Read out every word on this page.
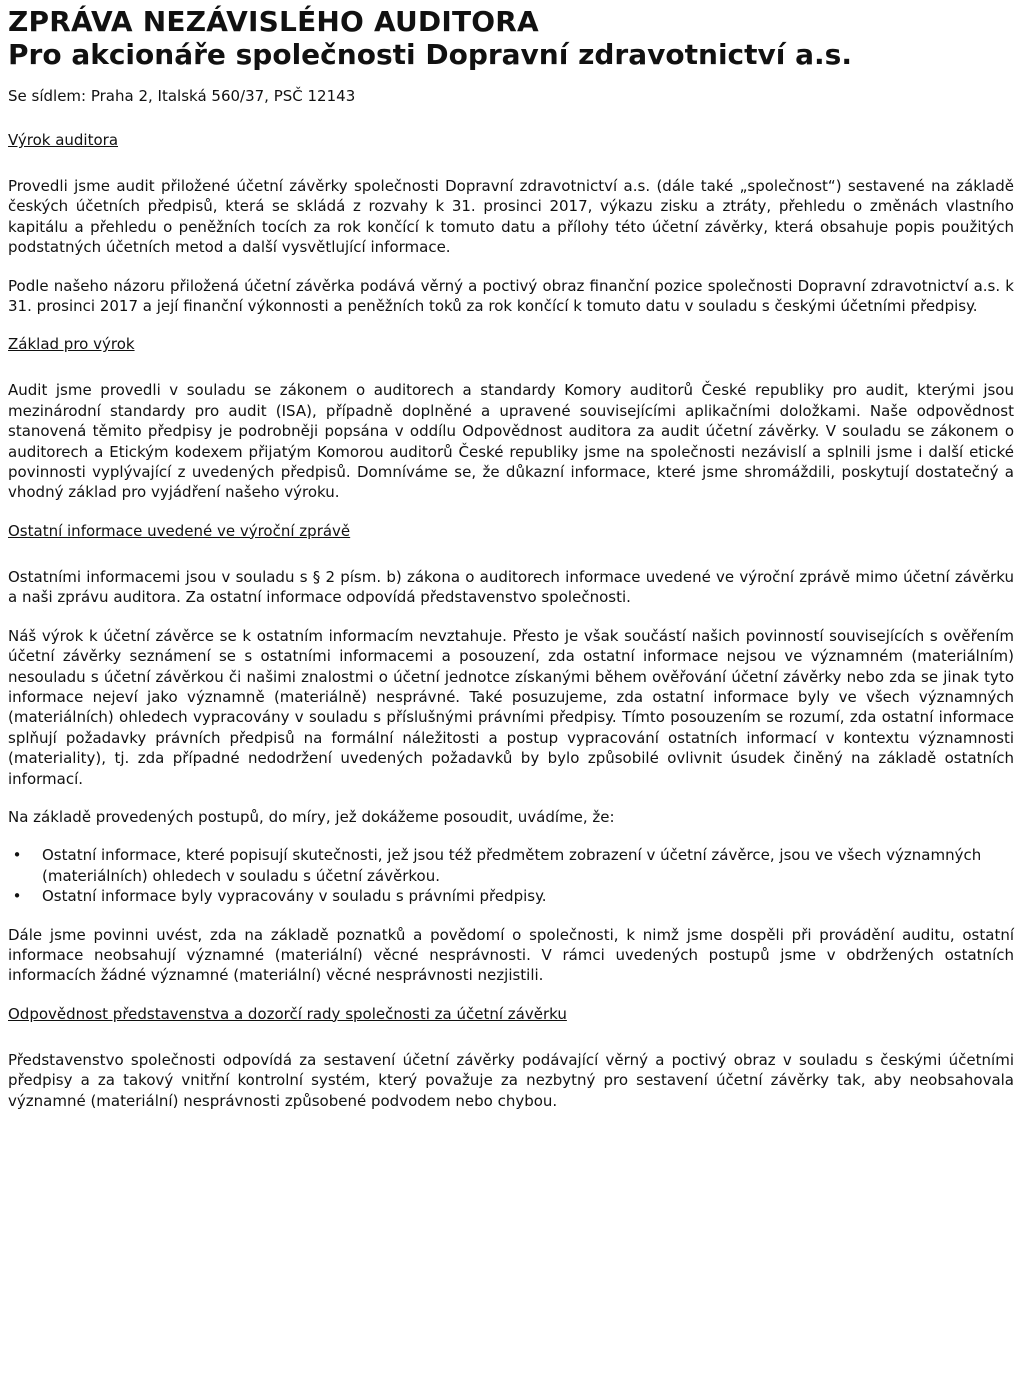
ZPRÁVA NEZÁVISLÉHO AUDITORA
Pro akcionáře společnosti Dopravní zdravotnictví a.s.
Se sídlem: Praha 2, Italská 560/37, PSČ 12143
Výrok auditora

Provedli jsme audit přiložené účetní závěrky společnosti Dopravní zdravotnictví a.s. (dále také „společnost“) sestavené na základě českých účetních předpisů, která se skládá z rozvahy k 31. prosinci 2017, výkazu zisku a ztráty, přehledu o změnách vlastního kapitálu a přehledu o peněžních tocích za rok končící k tomuto datu a přílohy této účetní závěrky, která obsahuje popis použitých podstatných účetních metod a další vysvětlující informace.

Podle našeho názoru přiložená účetní závěrka podává věrný a poctivý obraz finanční pozice společnosti Dopravní zdravotnictví a.s. k 31. prosinci 2017 a její finanční výkonnosti a peněžních toků za rok končící k tomuto datu v souladu s českými účetními předpisy.

Základ pro výrok

Audit jsme provedli v souladu se zákonem o auditorech a standardy Komory auditorů České republiky pro audit, kterými jsou mezinárodní standardy pro audit (ISA), případně doplněné a upravené souvisejícími aplikačními doložkami. Naše odpovědnost stanovená těmito předpisy je podrobněji popsána v oddílu Odpovědnost auditora za audit účetní závěrky. V souladu se zákonem o auditorech a Etickým kodexem přijatým Komorou auditorů České republiky jsme na společnosti nezávislí a splnili jsme i další etické povinnosti vyplývající z uvedených předpisů. Domníváme se, že důkazní informace, které jsme shromáždili, poskytují dostatečný a vhodný základ pro vyjádření našeho výroku.

Ostatní informace uvedené ve výroční zprávě

Ostatními informacemi jsou v souladu s § 2 písm. b) zákona o auditorech informace uvedené ve výroční zprávě mimo účetní závěrku a naši zprávu auditora. Za ostatní informace odpovídá představenstvo společnosti.

Náš výrok k účetní závěrce se k ostatním informacím nevztahuje. Přesto je však součástí našich povinností souvisejících s ověřením účetní závěrky seznámení se s ostatními informacemi a posouzení, zda ostatní informace nejsou ve významném (materiálním) nesouladu s účetní závěrkou či našimi znalostmi o účetní jednotce získanými během ověřování účetní závěrky nebo zda se jinak tyto informace nejeví jako významně (materiálně) nesprávné. Také posuzujeme, zda ostatní informace byly ve všech významných (materiálních) ohledech vypracovány v souladu s příslušnými právními předpisy. Tímto posouzením se rozumí, zda ostatní informace splňují požadavky právních předpisů na formální náležitosti a postup vypracování ostatních informací v kontextu významnosti (materiality), tj. zda případné nedodržení uvedených požadavků by bylo způsobilé ovlivnit úsudek činěný na základě ostatních informací.

Na základě provedených postupů, do míry, jež dokážeme posoudit, uvádíme, že:

• Ostatní informace, které popisují skutečnosti, jež jsou též předmětem zobrazení v účetní závěrce, jsou ve všech významných (materiálních) ohledech v souladu s účetní závěrkou.
• Ostatní informace byly vypracovány v souladu s právními předpisy.

Dále jsme povinni uvést, zda na základě poznatků a povědomí o společnosti, k nimž jsme dospěli při provádění auditu, ostatní informace neobsahují významné (materiální) věcné nesprávnosti. V rámci uvedených postupů jsme v obdržených ostatních informacích žádné významné (materiální) věcné nesprávnosti nezjistili.

Odpovědnost představenstva a dozorčí rady společnosti za účetní závěrku

Představenstvo společnosti odpovídá za sestavení účetní závěrky podávající věrný a poctivý obraz v souladu s českými účetními předpisy a za takový vnitřní kontrolní systém, který považuje za nezbytný pro sestavení účetní závěrky tak, aby neobsahovala významné (materiální) nesprávnosti způsobené podvodem nebo chybou.
